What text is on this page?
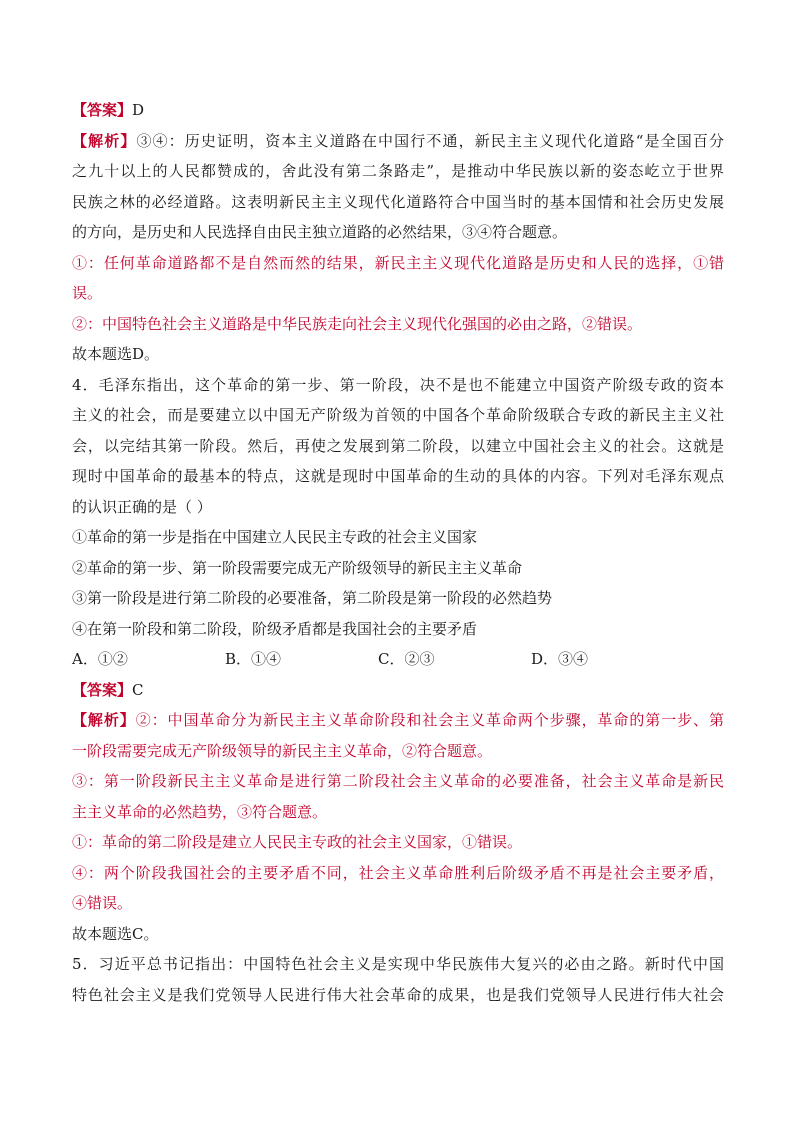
【答案】D
【解析】③④：历史证明，资本主义道路在中国行不通，新民主主义现代化道路“是全国百分
之九十以上的人民都赞成的，舍此没有第二条路走”，是推动中华民族以新的姿态屹立于世界
民族之林的必经道路。这表明新民主主义现代化道路符合中国当时的基本国情和社会历史发展
的方向，是历史和人民选择自由民主独立道路的必然结果，③④符合题意。
①：任何革命道路都不是自然而然的结果，新民主主义现代化道路是历史和人民的选择，①错
误。
②：中国特色社会主义道路是中华民族走向社会主义现代化强国的必由之路，②错误。
故本题选D。
4．毛泽东指出，这个革命的第一步、第一阶段，决不是也不能建立中国资产阶级专政的资本
主义的社会，而是要建立以中国无产阶级为首领的中国各个革命阶级联合专政的新民主主义社
会，以完结其第一阶段。然后，再使之发展到第二阶段，以建立中国社会主义的社会。这就是
现时中国革命的最基本的特点，这就是现时中国革命的生动的具体的内容。下列对毛泽东观点
的认识正确的是（ ）
①革命的第一步是指在中国建立人民民主专政的社会主义国家
②革命的第一步、第一阶段需要完成无产阶级领导的新民主主义革命
③第一阶段是进行第二阶段的必要准备，第二阶段是第一阶段的必然趋势
④在第一阶段和第二阶段，阶级矛盾都是我国社会的主要矛盾
A．①②	B．①④	C．②③	D．③④
【答案】C
【解析】②：中国革命分为新民主主义革命阶段和社会主义革命两个步骤，革命的第一步、第
一阶段需要完成无产阶级领导的新民主主义革命，②符合题意。
③：第一阶段新民主主义革命是进行第二阶段社会主义革命的必要准备，社会主义革命是新民
主主义革命的必然趋势，③符合题意。
①：革命的第二阶段是建立人民民主专政的社会主义国家，①错误。
④：两个阶段我国社会的主要矛盾不同，社会主义革命胜利后阶级矛盾不再是社会主要矛盾，
④错误。
故本题选C。
5．习近平总书记指出：中国特色社会主义是实现中华民族伟大复兴的必由之路。新时代中国
特色社会主义是我们党领导人民进行伟大社会革命的成果，也是我们党领导人民进行伟大社会
